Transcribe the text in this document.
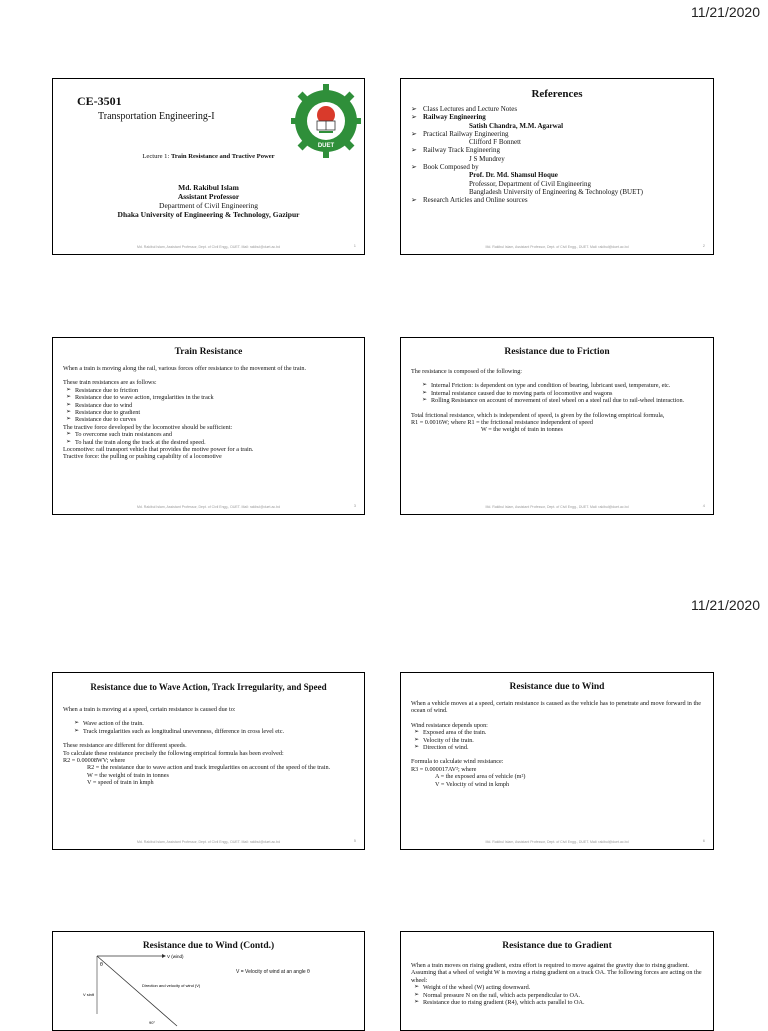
11/21/2020
CE-3501
Transportation Engineering-I
DUET
Lecture 1: Train Resistance and Tractive Power
Md. Rakibul Islam
Assistant Professor
Department of Civil Engineering
Dhaka University of Engineering & Technology, Gazipur
Md. Rakibul Islam, Assistant Professor, Dept. of Civil Engg., DUET. Mail: rakibul@duet.ac.bd	1
References
➢ Class Lectures and Lecture Notes
➢ Railway Engineering
Satish Chandra, M.M. Agarwal
➢ Practical Railway Engineering
Clifford F Bonnett
➢ Railway Track Engineering
J S Mundrey
➢ Book Composed by
Prof. Dr. Md. Shamsul Hoque
Professor, Department of Civil Engineering
Bangladesh University of Engineering & Technology (BUET)
➢ Research Articles and Online sources
Md. Rakibul Islam, Assistant Professor, Dept. of Civil Engg., DUET. Mail: rakibul@duet.ac.bd	2
Train Resistance

When a train is moving along the rail, various forces offer resistance to the movement of the train.

These train resistances are as follows:

➢ Resistance due to friction
➢ Resistance due to wave action, irregularities in the track
➢ Resistance due to wind
➢ Resistance due to gradient
➢ Resistance due to curves

The tractive force developed by the locomotive should be sufficient:

➢ To overcome such train resistances and
➢ To haul the train along the track at the desired speed.

Locomotive: rail transport vehicle that provides the motive power for a train.

Tractive force: the pulling or pushing capability of a locomotive

Md. Rakibul Islam, Assistant Professor, Dept. of Civil Engg., DUET. Mail: rakibul@duet.ac.bd	3
Resistance due to Friction

The resistance is composed of the following:

➢ Internal Friction: is dependent on type and condition of bearing, lubricant used, temperature, etc.
➢ Internal resistance caused due to moving parts of locomotive and wagons
➢ Rolling Resistance on account of movement of steel wheel on a steel rail due to rail-wheel interaction.

Total frictional resistance, which is independent of speed, is given by the following empirical formula,

R1 = 0.0016W; where R1 = the frictional resistance independent of speed

W = the weight of train in tonnes

Md. Rakibul Islam, Assistant Professor, Dept. of Civil Engg., DUET. Mail: rakibul@duet.ac.bd	4
11/21/2020
Resistance due to Wave Action, Track Irregularity, and Speed

When a train is moving at a speed, certain resistance is caused due to:

➢ Wave action of the train.
➢ Track irregularities such as longitudinal unevenness, difference in cross level etc.

These resistance are different for different speeds.

To calculate these resistance precisely the following empirical formula has been evolved:

R2 = 0.00008WV; where

R2 = the resistance due to wave action and track irregularities on account of the speed of the train.

W = the weight of train in tonnes

V = speed of train in kmph

Md. Rakibul Islam, Assistant Professor, Dept. of Civil Engg., DUET. Mail: rakibul@duet.ac.bd	5
Resistance due to Wind

When a vehicle moves at a speed, certain resistance is caused as the vehicle has to penetrate and move forward in the ocean of wind.

Wind resistance depends upon:

➢ Exposed area of the train.
➢ Velocity of the train.
➢ Direction of wind.

Formula to calculate wind resistance:

R3 = 0.000017AV²; where

A = the exposed area of vehicle (m²)

V = Velocity of wind in kmph

Md. Rakibul Islam, Assistant Professor, Dept. of Civil Engg., DUET. Mail: rakibul@duet.ac.bd	6
Resistance due to Wind (Contd.)
V (wind)
θ
Direction and velocity of wind (V)
V sinθ
90°
V = Velocity of wind at an angle θ
Resistance due to Gradient

When a train moves on rising gradient, extra effort is required to move against the gravity due to rising gradient.

Assuming that a wheel of weight W is moving a rising gradient on a track OA. The following forces are acting on the wheel:

➢ Weight of the wheel (W) acting downward.
➢ Normal pressure N on the rail, which acts perpendicular to OA.
➢ Resistance due to rising gradient (R4), which acts parallel to OA.
